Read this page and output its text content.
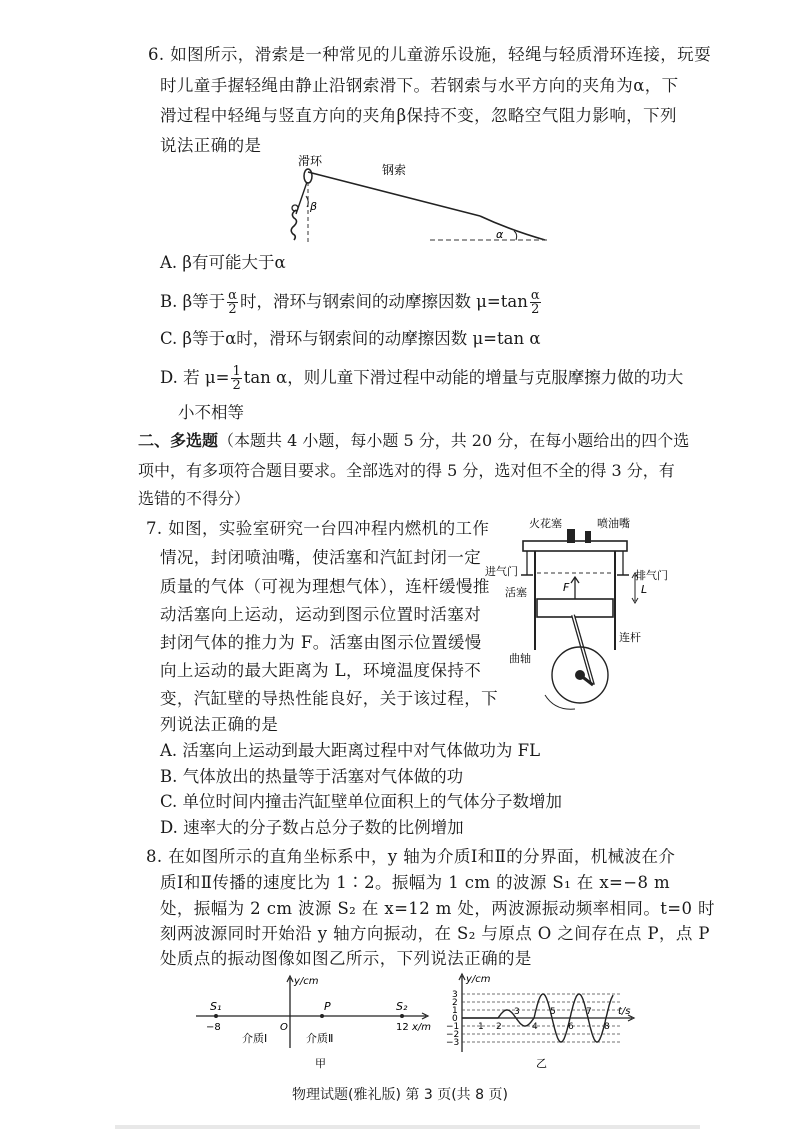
6. 如图所示，滑索是一种常见的儿童游乐设施，轻绳与轻质滑环连接，玩耍
时儿童手握轻绳由静止沿钢索滑下。若钢索与水平方向的夹角为α，下
滑过程中轻绳与竖直方向的夹角β保持不变，忽略空气阻力影响，下列
说法正确的是
滑环
钢索
β
α
A. β有可能大于α
B. β等于 $\frac{\alpha}{2}$ 时，滑环与钢索间的动摩擦因数 $\mu=\tan \frac{\alpha}{2}$
C. β等于α时，滑环与钢索间的动摩擦因数 μ=tan α
D. 若 $\mu= \frac{1}{2}$ tan α，则儿童下滑过程中动能的增量与克服摩擦力做的功大
小不相等
二、多选题（本题共 4 小题，每小题 5 分，共 20 分，在每小题给出的四个选
项中，有多项符合题目要求。全部选对的得 5 分，选对但不全的得 3 分，有
选错的不得分）
7. 如图，实验室研究一台四冲程内燃机的工作
情况，封闭喷油嘴，使活塞和汽缸封闭一定
质量的气体（可视为理想气体），连杆缓慢推
动活塞向上运动，运动到图示位置时活塞对
封闭气体的推力为 F。活塞由图示位置缓慢
向上运动的最大距离为 L，环境温度保持不
变，汽缸壁的导热性能良好，关于该过程，下
列说法正确的是
火花塞	喷油嘴
进气门	排气门
活塞	F	L
连杆
曲轴
A. 活塞向上运动到最大距离过程中对气体做功为 FL
B. 气体放出的热量等于活塞对气体做的功
C. 单位时间内撞击汽缸壁单位面积上的气体分子数增加
D. 速率大的分子数占总分子数的比例增加
8. 在如图所示的直角坐标系中，y 轴为介质Ⅰ和Ⅱ的分界面，机械波在介
质Ⅰ和Ⅱ传播的速度比为 1∶2。振幅为 1 cm 的波源 S₁ 在 x=−8 m
处，振幅为 2 cm 波源 S₂ 在 x=12 m 处，两波源振动频率相同。t=0 时
刻两波源同时开始沿 y 轴方向振动，在 S₂ 与原点 O 之间存在点 P，点 P
处质点的振动图像如图乙所示，下列说法正确的是
y/cm
S₁	P	S₂
−8	O	12 x/m
介质Ⅰ	介质Ⅱ
甲
y/cm
3
2
1
0
−1
−2
−3
1 2
3
4
5
6
7
8
t/s
乙
物理试题(雅礼版) 第 3 页(共 8 页)
